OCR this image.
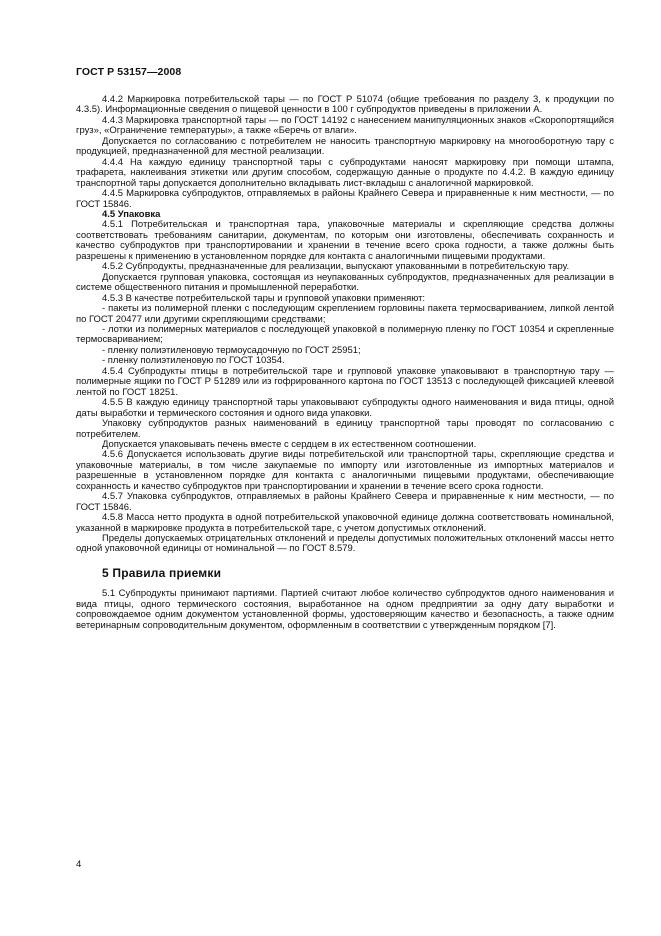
ГОСТ Р 53157—2008

4.4.2 Маркировка потребительской тары — по ГОСТ Р 51074 (общие требования по разделу 3, к продукции по 4.3.5). Информационные сведения о пищевой ценности в 100 г субпродуктов приведены в приложении А.

4.4.3 Маркировка транспортной тары — по ГОСТ 14192 с нанесением манипуляционных знаков «Скоропортящийся груз», «Ограничение температуры», а также «Беречь от влаги».

Допускается по согласованию с потребителем не наносить транспортную маркировку на многооборотную тару с продукцией, предназначенной для местной реализации.

4.4.4 На каждую единицу транспортной тары с субпродуктами наносят маркировку при помощи штампа, трафарета, наклеивания этикетки или другим способом, содержащую данные о продукте по 4.4.2. В каждую единицу транспортной тары допускается дополнительно вкладывать лист-вкладыш с аналогичной маркировкой.

4.4.5 Маркировка субпродуктов, отправляемых в районы Крайнего Севера и приравненные к ним местности, — по ГОСТ 15846.

4.5 Упаковка

4.5.1 Потребительская и транспортная тара, упаковочные материалы и скрепляющие средства должны соответствовать требованиям санитарии, документам, по которым они изготовлены, обеспечивать сохранность и качество субпродуктов при транспортировании и хранении в течение всего срока годности, а также должны быть разрешены к применению в установленном порядке для контакта с аналогичными пищевыми продуктами.

4.5.2 Субпродукты, предназначенные для реализации, выпускают упакованными в потребительскую тару.

Допускается групповая упаковка, состоящая из неупакованных субпродуктов, предназначенных для реализации в системе общественного питания и промышленной переработки.

4.5.3 В качестве потребительской тары и групповой упаковки применяют:

- пакеты из полимерной пленки с последующим скреплением горловины пакета термосвариванием, липкой лентой по ГОСТ 20477 или другими скрепляющими средствами;

- лотки из полимерных материалов с последующей упаковкой в полимерную пленку по ГОСТ 10354 и скрепленные термосвариванием;

- пленку полиэтиленовую термоусадочную по ГОСТ 25951;

- пленку полиэтиленовую по ГОСТ 10354.

4.5.4 Субпродукты птицы в потребительской таре и групповой упаковке упаковывают в транспортную тару — полимерные ящики по ГОСТ Р 51289 или из гофрированного картона по ГОСТ 13513 с последующей фиксацией клеевой лентой по ГОСТ 18251.

4.5.5 В каждую единицу транспортной тары упаковывают субпродукты одного наименования и вида птицы, одной даты выработки и термического состояния и одного вида упаковки.

Упаковку субпродуктов разных наименований в единицу транспортной тары проводят по согласованию с потребителем.

Допускается упаковывать печень вместе с сердцем в их естественном соотношении.

4.5.6 Допускается использовать другие виды потребительской или транспортной тары, скрепляющие средства и упаковочные материалы, в том числе закупаемые по импорту или изготовленные из импортных материалов и разрешенные в установленном порядке для контакта с аналогичными пищевыми продуктами, обеспечивающие сохранность и качество субпродуктов при транспортировании и хранении в течение всего срока годности.

4.5.7 Упаковка субпродуктов, отправляемых в районы Крайнего Севера и приравненные к ним местности, — по ГОСТ 15846.

4.5.8 Масса нетто продукта в одной потребительской упаковочной единице должна соответствовать номинальной, указанной в маркировке продукта в потребительской таре, с учетом допустимых отклонений.

Пределы допускаемых отрицательных отклонений и пределы допустимых положительных отклонений массы нетто одной упаковочной единицы от номинальной — по ГОСТ 8.579.

5 Правила приемки

5.1 Субпродукты принимают партиями. Партией считают любое количество субпродуктов одного наименования и вида птицы, одного термического состояния, выработанное на одном предприятии за одну дату выработки и сопровождаемое одним документом установленной формы, удостоверяющим качество и безопасность, а также одним ветеринарным сопроводительным документом, оформленным в соответствии с утвержденным порядком [7].

4
